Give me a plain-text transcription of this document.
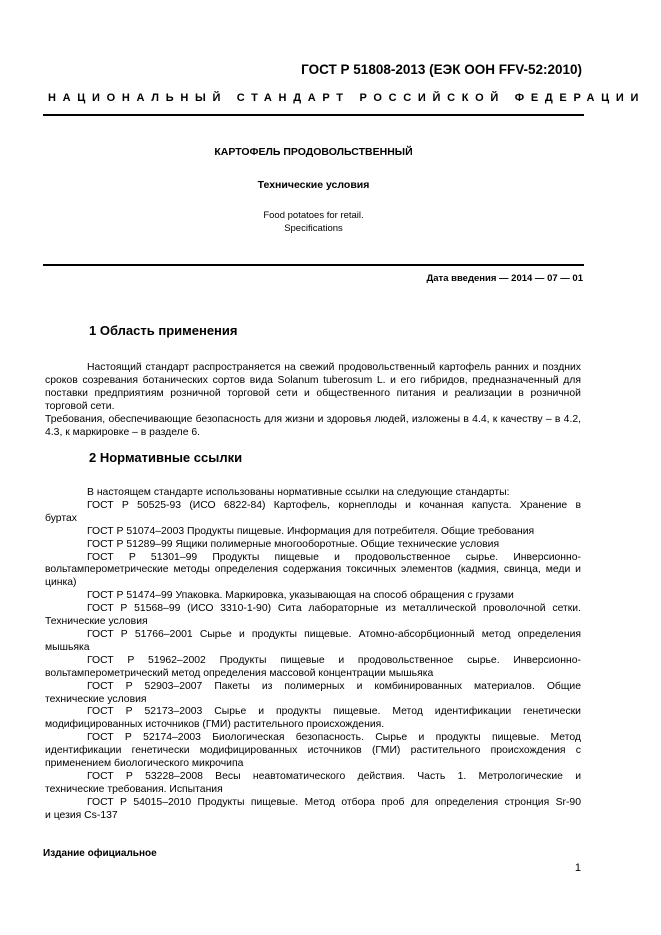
ГОСТ Р 51808-2013 (ЕЭК ООН FFV-52:2010)
НАЦИОНАЛЬНЫЙ СТАНДАРТ РОССИЙСКОЙ ФЕДЕРАЦИИ
КАРТОФЕЛЬ ПРОДОВОЛЬСТВЕННЫЙ
Технические условия
Food potatoes for retail.
Specifications
Дата введения — 2014 — 07 — 01
1 Область применения

Настоящий стандарт распространяется на свежий продовольственный картофель ранних и поздних сроков созревания ботанических сортов вида Solanum tuberosum L. и его гибридов, предназначенный для поставки предприятиям розничной торговой сети и общественного питания и реализации в розничной торговой сети.

Требования, обеспечивающие безопасность для жизни и здоровья людей, изложены в 4.4, к качеству – в 4.2, 4.3, к маркировке – в разделе 6.

2 Нормативные ссылки

В настоящем стандарте использованы нормативные ссылки на следующие стандарты:

ГОСТ Р 50525-93 (ИСО 6822-84) Картофель, корнеплоды и кочанная капуста. Хранение в
буртах
ГОСТ Р 51074–2003 Продукты пищевые. Информация для потребителя. Общие требования
ГОСТ Р 51289–99 Ящики полимерные многооборотные. Общие технические условия
ГОСТ Р 51301–99 Продукты пищевые и продовольственное сырье. Инверсионно-
вольтамперометрические методы определения содержания токсичных элементов (кадмия, свинца, меди и цинка)
ГОСТ Р 51474–99 Упаковка. Маркировка, указывающая на способ обращения с грузами
ГОСТ Р 51568–99 (ИСО 3310-1-90) Сита лабораторные из металлической проволочной сетки.
Технические условия
ГОСТ Р 51766–2001 Сырье и продукты пищевые. Атомно-абсорбционный метод определения
мышьяка
ГОСТ Р 51962–2002 Продукты пищевые и продовольственное сырье. Инверсионно-
вольтамперометрический метод определения массовой концентрации мышьяка
ГОСТ Р 52903–2007 Пакеты из полимерных и комбинированных материалов. Общие
технические условия
ГОСТ Р 52173–2003 Сырье и продукты пищевые. Метод идентификации генетически
модифицированных источников (ГМИ) растительного происхождения.
ГОСТ Р 52174–2003 Биологическая безопасность. Сырье и продукты пищевые. Метод
идентификации генетически модифицированных источников (ГМИ) растительного происхождения с применением биологического микрочипа
ГОСТ Р 53228–2008 Весы неавтоматического действия. Часть 1. Метрологические и
технические требования. Испытания
ГОСТ Р 54015–2010 Продукты пищевые. Метод отбора проб для определения стронция Sr-90
и цезия Cs-137
Издание официальное
1
